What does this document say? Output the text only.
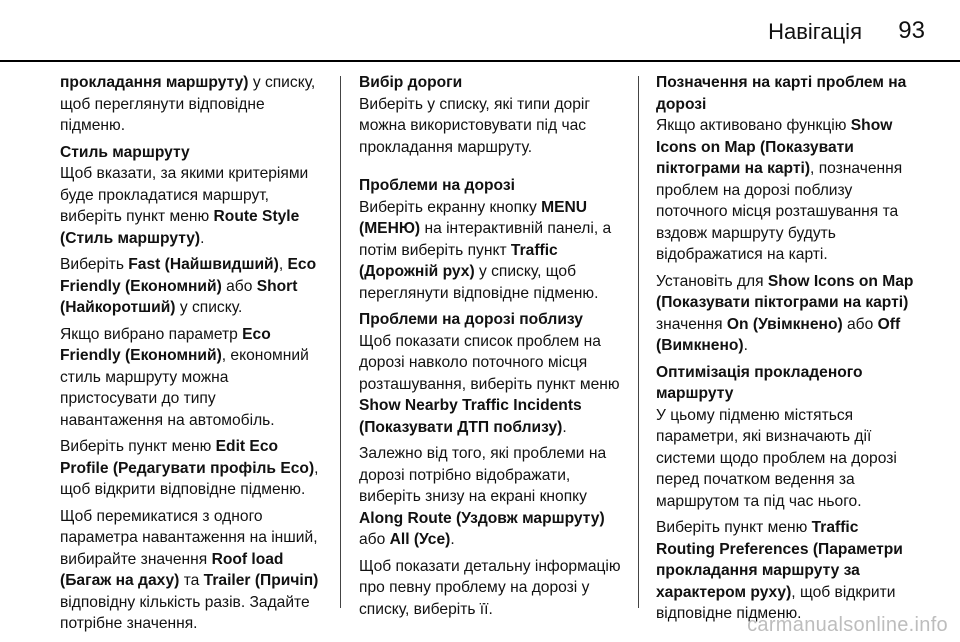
Навігація 93

прокладання маршруту) у списку, щоб переглянути відповідне підменю.

Стиль маршруту

Щоб вказати, за якими критеріями буде прокладатися маршрут, виберіть пункт меню Route Style (Стиль маршруту).

Виберіть Fast (Найшвидший), Eco Friendly (Економний) або Short (Найкоротший) у списку.

Якщо вибрано параметр Eco Friendly (Економний), економний стиль маршруту можна пристосувати до типу навантаження на автомобіль.

Виберіть пункт меню Edit Eco Profile (Редагувати профіль Eco), щоб відкрити відповідне підменю.

Щоб перемикатися з одного параметра навантаження на інший, вибирайте значення Roof load (Багаж на даху) та Trailer (Причіп) відповідну кількість разів. Задайте потрібне значення.

Вибір дороги

Виберіть у списку, які типи доріг можна використовувати під час прокладання маршруту.

Проблеми на дорозі

Виберіть екранну кнопку MENU (МЕНЮ) на інтерактивній панелі, а потім виберіть пункт Traffic (Дорожній рух) у списку, щоб переглянути відповідне підменю.

Проблеми на дорозі поблизу

Щоб показати список проблем на дорозі навколо поточного місця розташування, виберіть пункт меню Show Nearby Traffic Incidents (Показувати ДТП поблизу).

Залежно від того, які проблеми на дорозі потрібно відображати, виберіть знизу на екрані кнопку Along Route (Уздовж маршруту) або All (Усе).

Щоб показати детальну інформацію про певну проблему на дорозі у списку, виберіть її.

Позначення на карті проблем на дорозі

Якщо активовано функцію Show Icons on Map (Показувати піктограми на карті), позначення проблем на дорозі поблизу поточного місця розташування та вздовж маршруту будуть відображатися на карті.

Установіть для Show Icons on Map (Показувати піктограми на карті) значення On (Увімкнено) або Off (Вимкнено).

Оптимізація прокладеного маршруту

У цьому підменю містяться параметри, які визначають дії системи щодо проблем на дорозі перед початком ведення за маршрутом та під час нього.

Виберіть пункт меню Traffic Routing Preferences (Параметри прокладання маршруту за характером руху), щоб відкрити відповідне підменю.

carmanualsonline.info
